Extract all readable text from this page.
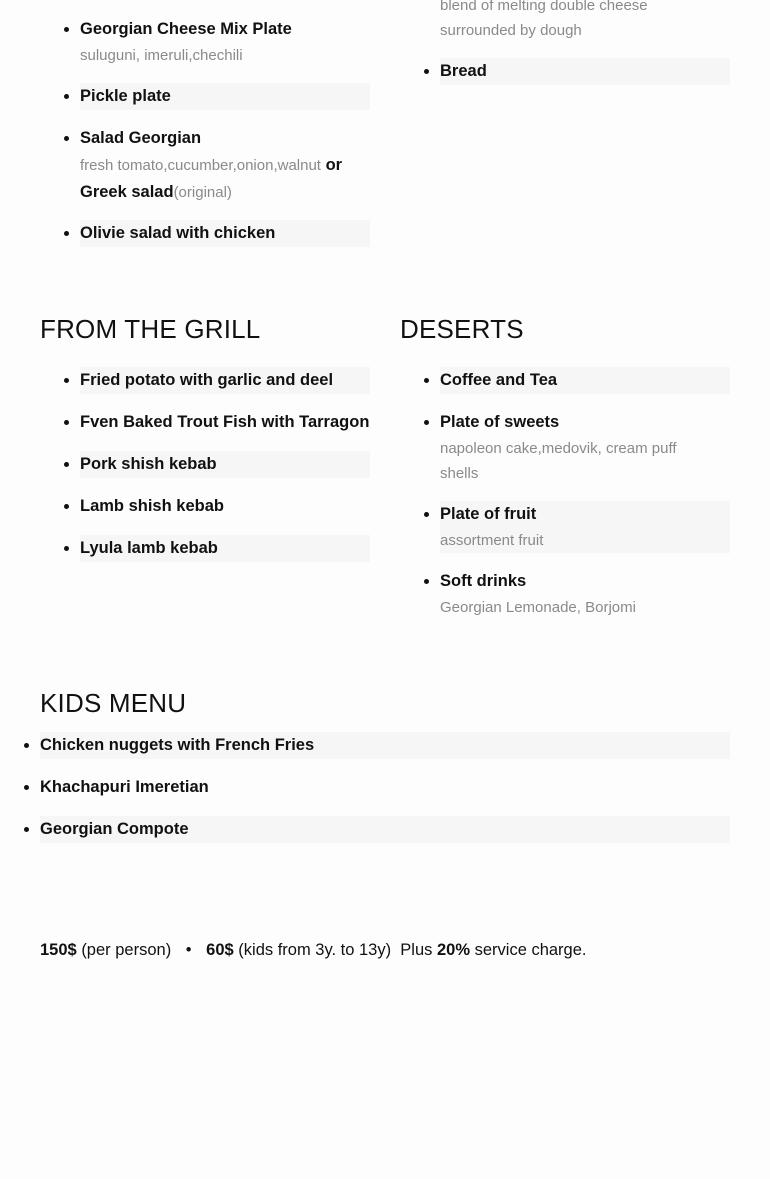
• Georgian Cheese Mix Plate
suluguni, imeruli,chechili
• Pickle plate
• Salad Georgian
fresh tomato,cucumber,onion,walnut or Greek salad(original)
• Olivie salad with chicken
blend of melting double cheese surrounded by dough
• Bread
FROM THE GRILL
• Fried potato with garlic and deel
• Fven Baked Trout Fish with Tarragon
• Pork shish kebab
• Lamb shish kebab
• Lyula lamb kebab
DESERTS
• Coffee and Tea
• Plate of sweets
napoleon cake,medovik, cream puff shells
• Plate of fruit
assortment fruit
• Soft drinks
Georgian Lemonade, Borjomi
KIDS MENU
• Chicken nuggets with French Fries
• Khachapuri Imeretian
• Georgian Compote
150$ (per person) • 60$ (kids from 3y. to 13y) Plus 20% service charge.
